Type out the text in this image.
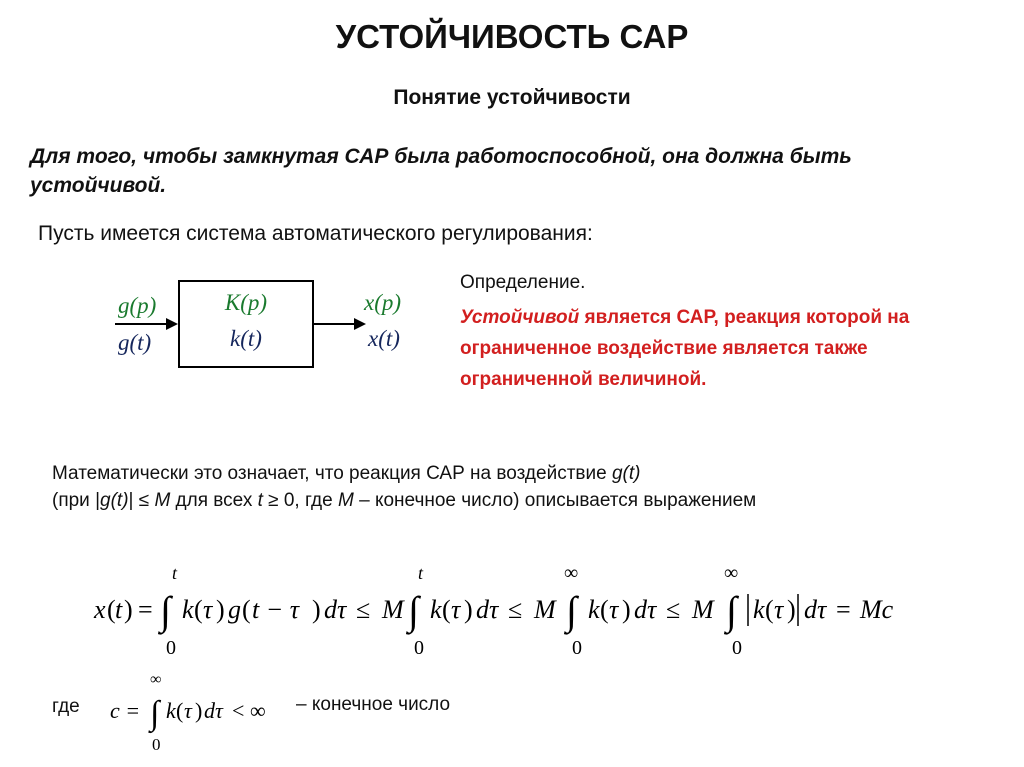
УСТОЙЧИВОСТЬ САР
Понятие устойчивости
Для того, чтобы замкнутая САР была работоспособной, она должна быть устойчивой.
Пусть имеется система автоматического регулирования:
g(p)
g(t)
K(p)
k(t)
x(p)
x(t)
Определение.
Устойчивой является САР, реакция которой на ограниченное воздействие является также ограниченной величиной.
Математически это означает, что реакция САР на воздействие g(t)
(при |g(t)| ≤ M для всех t ≥ 0, где M – конечное число) описывается выражением
x ( t ) =
t
∫
0
k ( τ ) g ( t − τ ) dτ ≤ M
t
∫
0
k ( τ ) dτ ≤ M
∞
∫
0
k ( τ ) dτ ≤ M
∞
∫
0
k ( τ ) dτ = Mc
где c =
∞
∫
0
k ( τ ) dτ < ∞ – конечное число
